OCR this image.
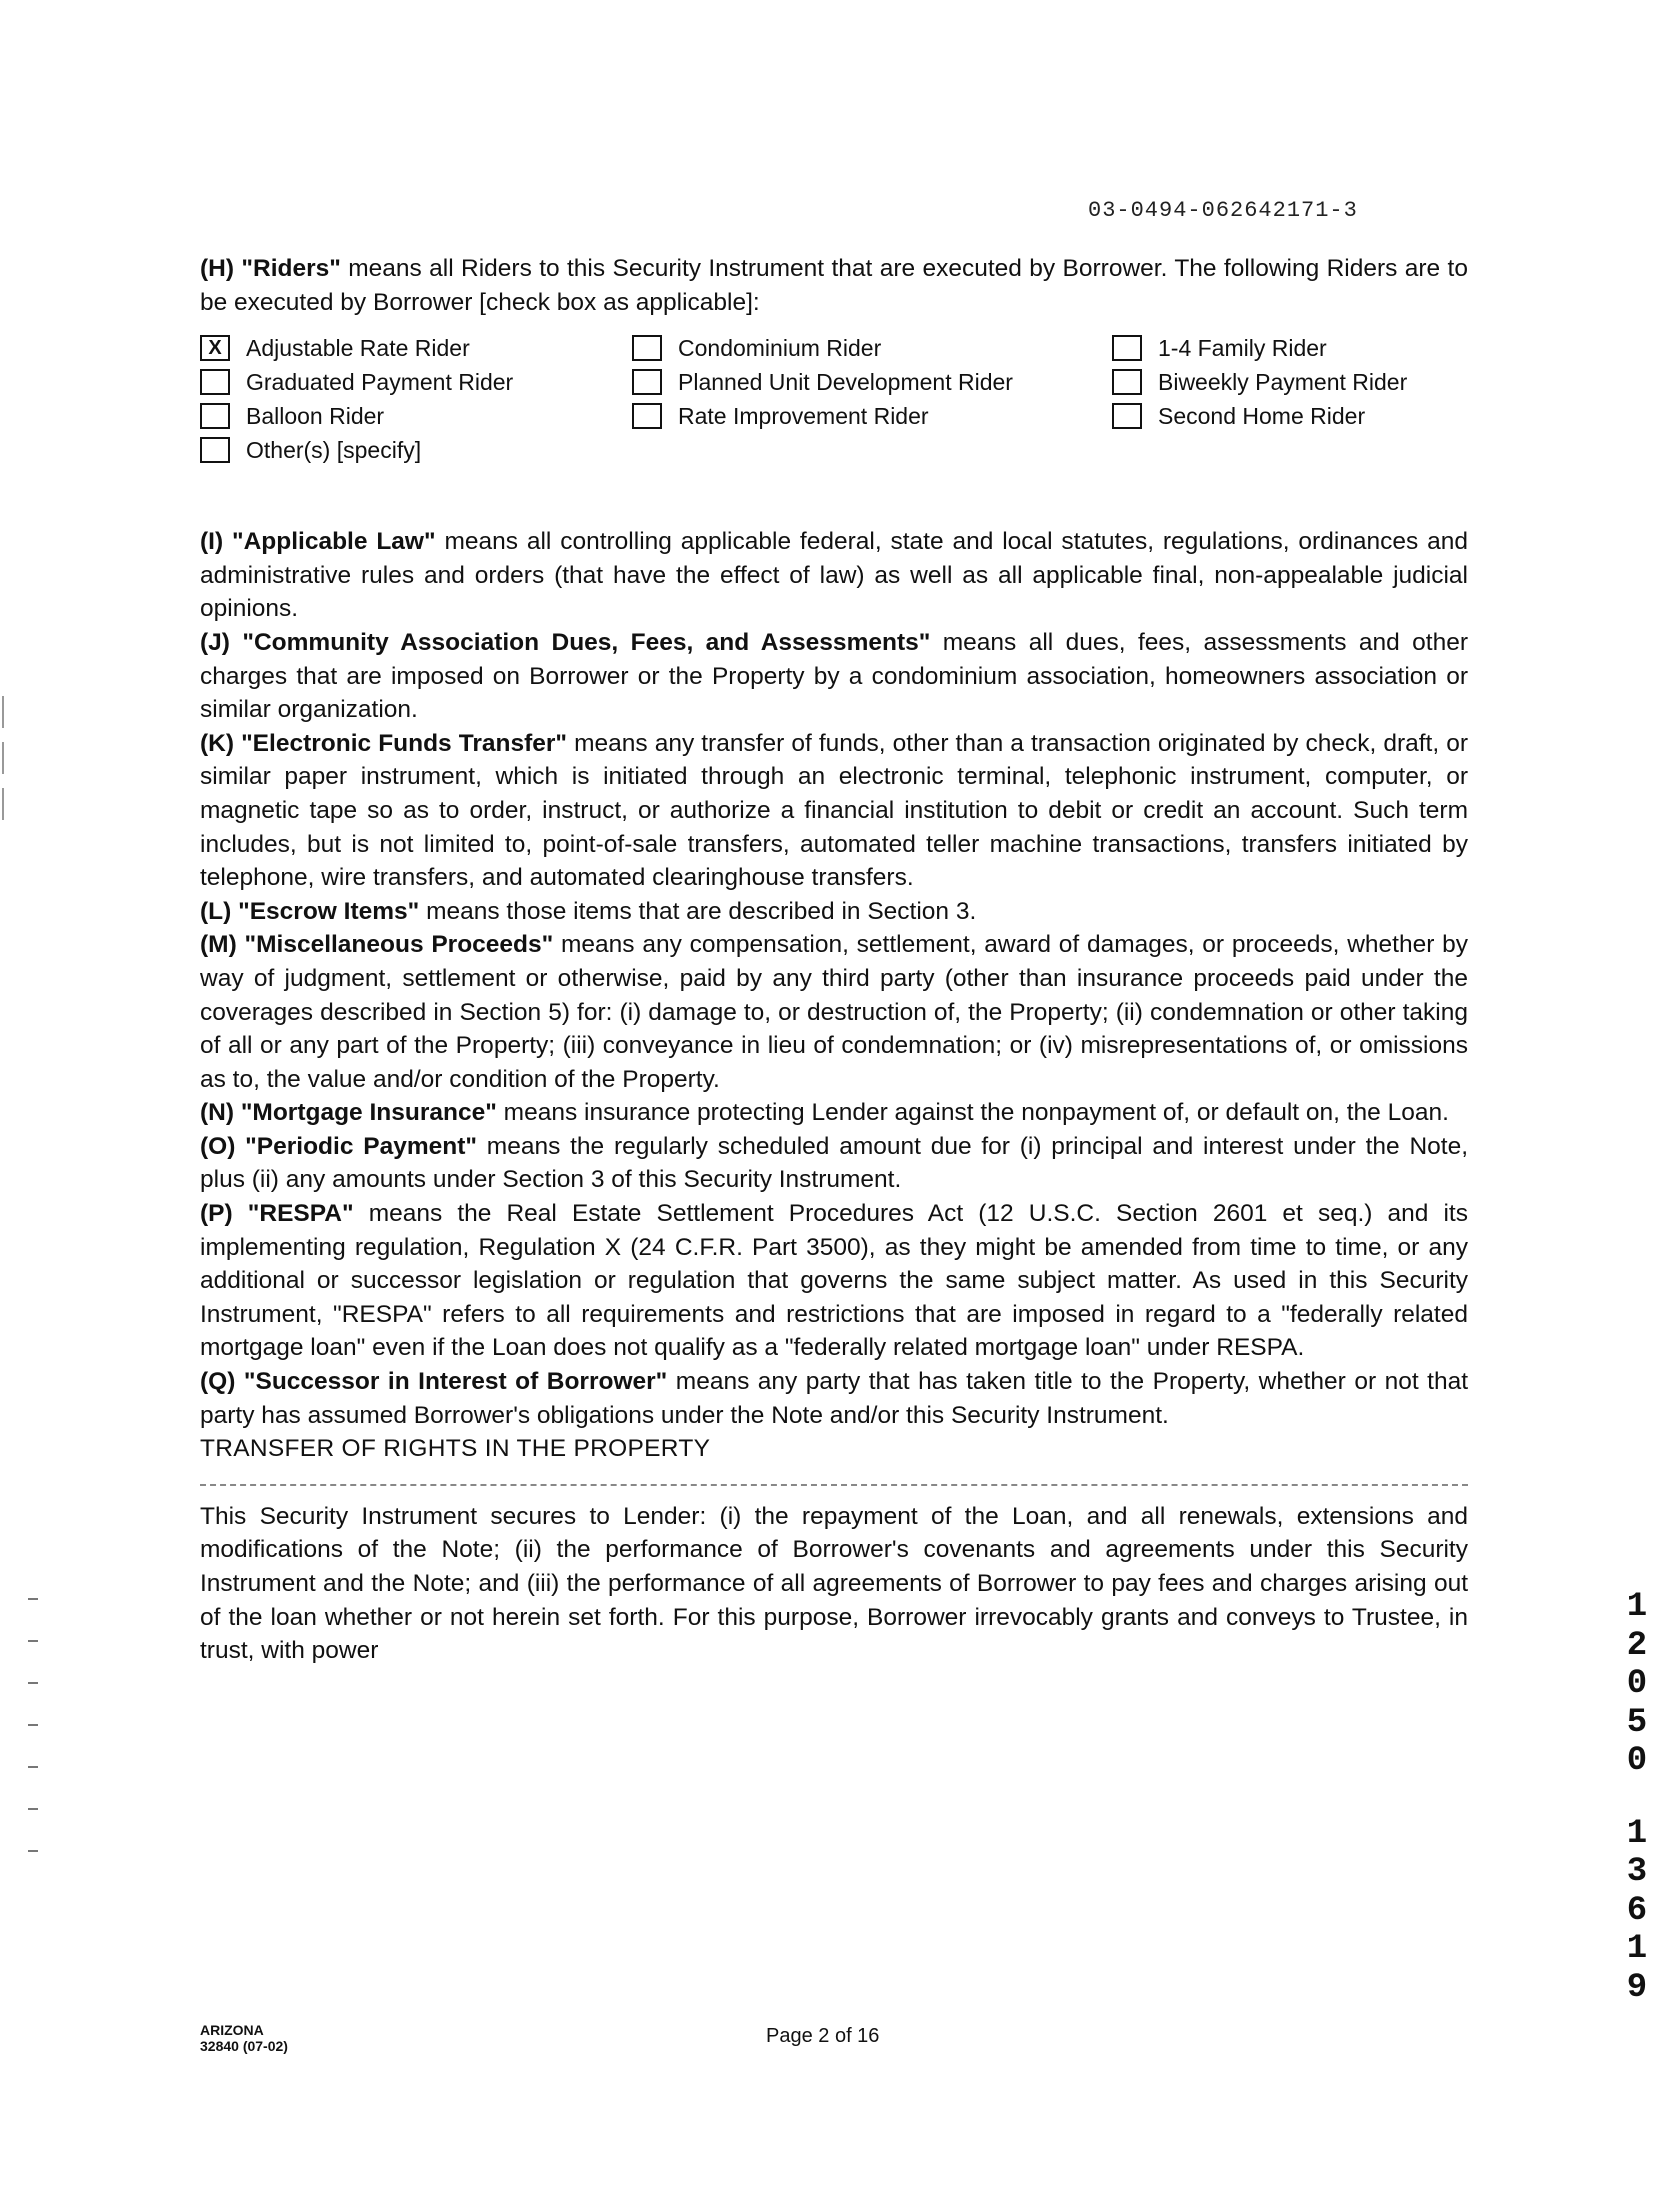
03-0494-062642171-3

(H) "Riders" means all Riders to this Security Instrument that are executed by Borrower. The following Riders are to be executed by Borrower [check box as applicable]:

X	Adjustable Rate Rider	Condominium Rider	1-4 Family Rider
Graduated Payment Rider	Planned Unit Development Rider	Biweekly Payment Rider
Balloon Rider	Rate Improvement Rider	Second Home Rider
Other(s) [specify]

(I) "Applicable Law" means all controlling applicable federal, state and local statutes, regulations, ordinances and administrative rules and orders (that have the effect of law) as well as all applicable final, non-appealable judicial opinions.

(J) "Community Association Dues, Fees, and Assessments" means all dues, fees, assessments and other charges that are imposed on Borrower or the Property by a condominium association, homeowners association or similar organization.

(K) "Electronic Funds Transfer" means any transfer of funds, other than a transaction originated by check, draft, or similar paper instrument, which is initiated through an electronic terminal, telephonic instrument, computer, or magnetic tape so as to order, instruct, or authorize a financial institution to debit or credit an account. Such term includes, but is not limited to, point-of-sale transfers, automated teller machine transactions, transfers initiated by telephone, wire transfers, and automated clearinghouse transfers.

(L) "Escrow Items" means those items that are described in Section 3.

(M) "Miscellaneous Proceeds" means any compensation, settlement, award of damages, or proceeds, whether by way of judgment, settlement or otherwise, paid by any third party (other than insurance proceeds paid under the coverages described in Section 5) for: (i) damage to, or destruction of, the Property; (ii) condemnation or other taking of all or any part of the Property; (iii) conveyance in lieu of condemnation; or (iv) misrepresentations of, or omissions as to, the value and/or condition of the Property.

(N) "Mortgage Insurance" means insurance protecting Lender against the nonpayment of, or default on, the Loan.

(O) "Periodic Payment" means the regularly scheduled amount due for (i) principal and interest under the Note, plus (ii) any amounts under Section 3 of this Security Instrument.

(P) "RESPA" means the Real Estate Settlement Procedures Act (12 U.S.C. Section 2601 et seq.) and its implementing regulation, Regulation X (24 C.F.R. Part 3500), as they might be amended from time to time, or any additional or successor legislation or regulation that governs the same subject matter. As used in this Security Instrument, "RESPA" refers to all requirements and restrictions that are imposed in regard to a "federally related mortgage loan" even if the Loan does not qualify as a "federally related mortgage loan" under RESPA.

(Q) "Successor in Interest of Borrower" means any party that has taken title to the Property, whether or not that party has assumed Borrower's obligations under the Note and/or this Security Instrument.

TRANSFER OF RIGHTS IN THE PROPERTY

This Security Instrument secures to Lender: (i) the repayment of the Loan, and all renewals, extensions and modifications of the Note; (ii) the performance of Borrower's covenants and agreements under this Security Instrument and the Note; and (iii) the performance of all agreements of Borrower to pay fees and charges arising out of the loan whether or not herein set forth. For this purpose, Borrower irrevocably grants and conveys to Trustee, in trust, with power

ARIZONA
32840 (07-02)	Page 2 of 16
1
2
0
5
0
1
3
6
1
9
